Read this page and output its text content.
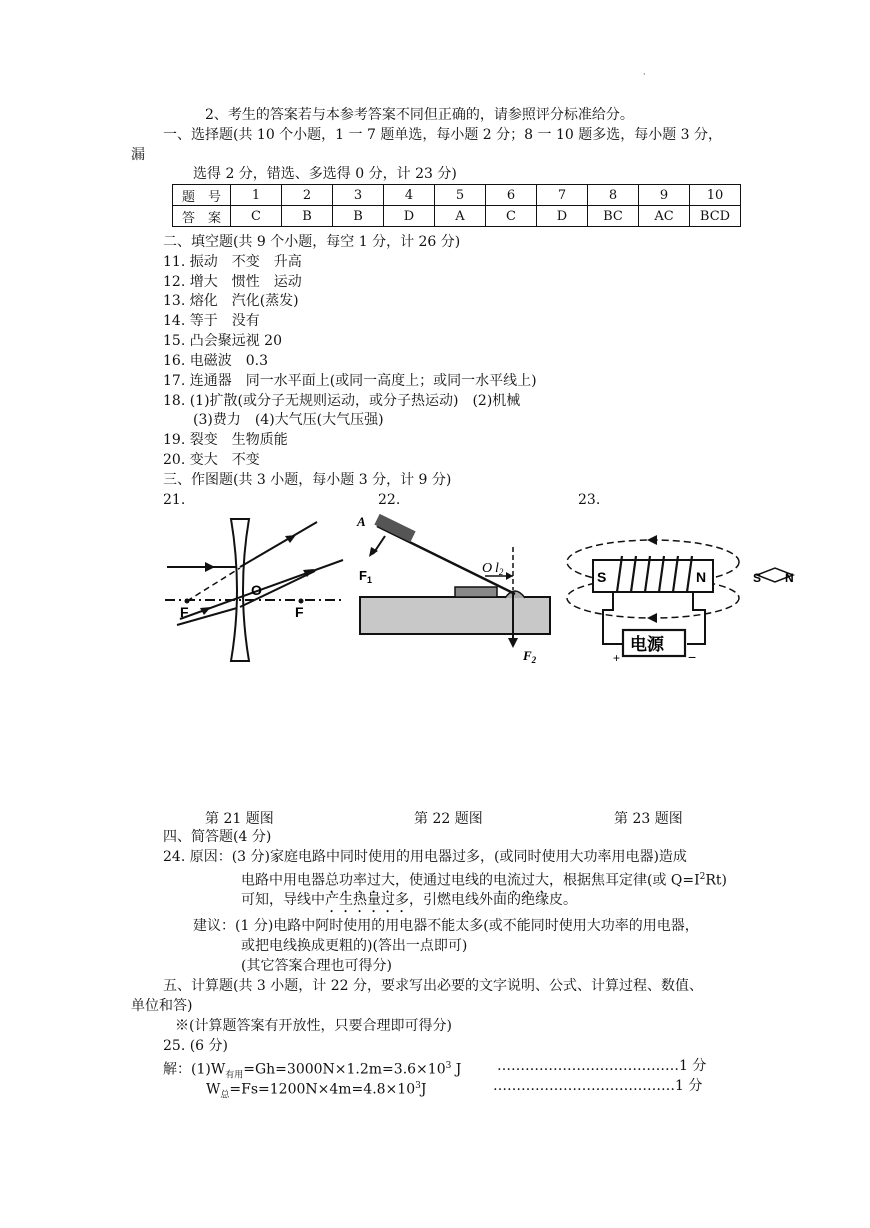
·
2、考生的答案若与本参考答案不同但正确的，请参照评分标准给分。
一、选择题(共 10 个小题，1 一 7 题单选，每小题 2 分；8 一 10 题多选，每小题 3 分，
漏
选得 2 分，错选、多选得 0 分，计 23 分)
题　号	1	2	3	4	5	6	7	8	9	10
答　案	C	B	B	D	A	C	D	BC	AC	BCD
二、填空题(共 9 个小题，每空 1 分，计 26 分)
11. 振动　不变　升高
12. 增大　惯性　运动
13. 熔化　汽化(蒸发)
14. 等于　没有
15. 凸会聚远视 20
16. 电磁波　0.3
17. 连通器　同一水平面上(或同一高度上；或同一水平线上)
18. (1)扩散(或分子无规则运动，或分子热运动)　(2)机械
(3)费力　(4)大气压(大气压强)
19. 裂变　生物质能
20. 变大　不变
三、作图题(共 3 小题，每小题 3 分，计 9 分)
21.	22.	23.
O
F	F
A
$F_1$
O $l_2$
$F_2$
电源
+	−
S	N	S N
第 21 题图	第 22 题图	第 23 题图
四、简答题(4 分)
24. 原因：(3 分)家庭电路中同时使用的用电器过多，(或同时使用大功率用电器)造成
电路中用电器总功率过大，使通过电线的电流过大，根据焦耳定律(或 $Q=I^2Rt$)
可知，导线中产生热量过多，引燃电线外面的绝缘皮。
建议：(1 分)电路中阿时使用的用电器不能太多(或不能同时使用大功率的用电器，
或把电线换成更粗的)(答出一点即可)
(其它答案合理也可得分)
五、计算题(共 3 小题，计 22 分，要求写出必要的文字说明、公式、计算过程、数值、
单位和答)
※(计算题答案有开放性，只要合理即可得分)
25. (6 分)
解：$(1)W_{有用}=Gh=3000N\times 1.2m=3.6\times 10^3$ J	…………………………………1 分
$W_总=Fs=1200N\times 4m=4.8\times 10^3J$	…………………………………1 分
